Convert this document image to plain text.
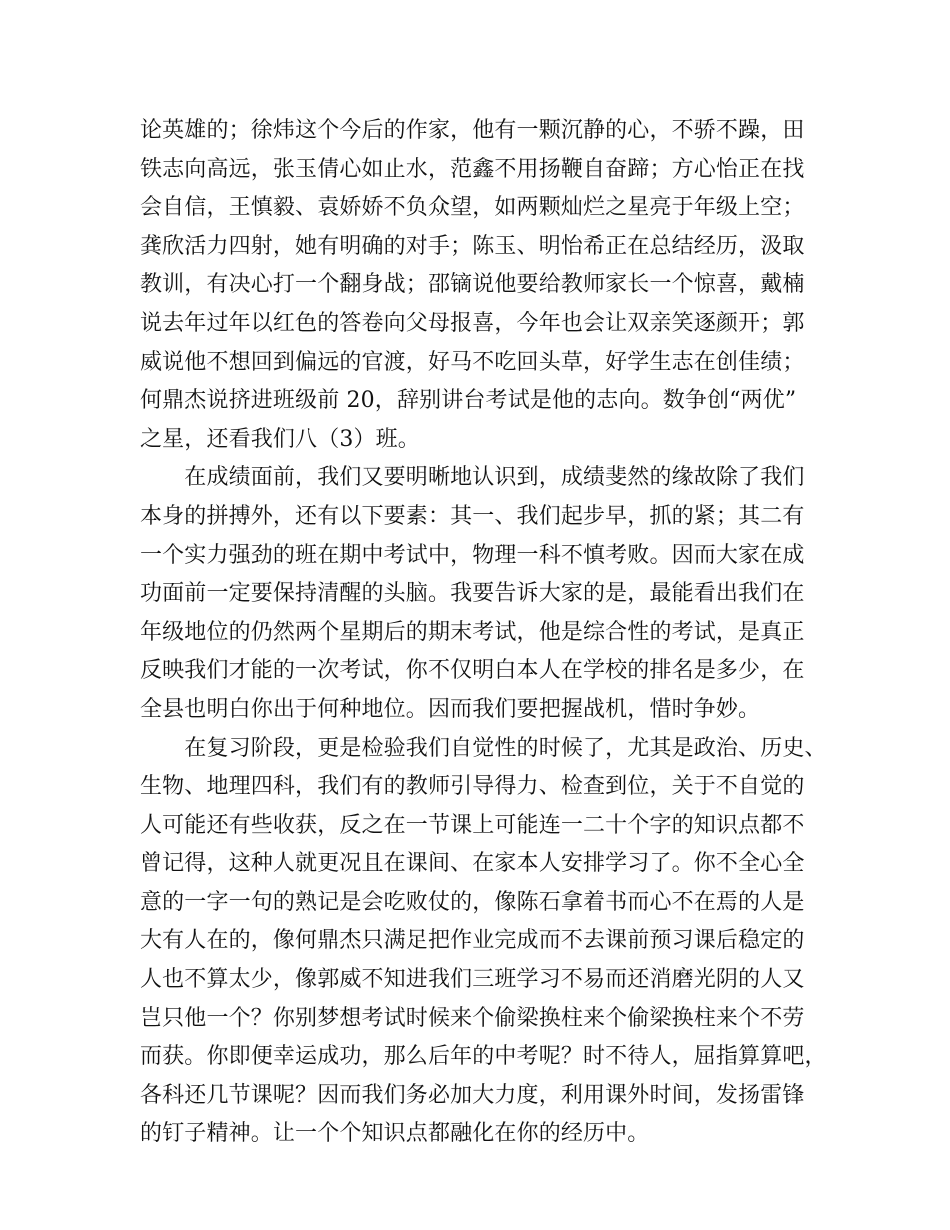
论英雄的；徐炜这个今后的作家，他有一颗沉静的心，不骄不躁，田
铁志向高远，张玉倩心如止水，范鑫不用扬鞭自奋蹄；方心怡正在找
会自信，王慎毅、袁娇娇不负众望，如两颗灿烂之星亮于年级上空；
龚欣活力四射，她有明确的对手；陈玉、明怡希正在总结经历，汲取
教训，有决心打一个翻身战；邵镝说他要给教师家长一个惊喜，戴楠
说去年过年以红色的答卷向父母报喜，今年也会让双亲笑逐颜开；郭
威说他不想回到偏远的官渡，好马不吃回头草，好学生志在创佳绩；
何鼎杰说挤进班级前 20，辞别讲台考试是他的志向。数争创“两优”
之星，还看我们八（3）班。
　　在成绩面前，我们又要明晰地认识到，成绩斐然的缘故除了我们
本身的拼搏外，还有以下要素：其一、我们起步早，抓的紧；其二有
一个实力强劲的班在期中考试中，物理一科不慎考败。因而大家在成
功面前一定要保持清醒的头脑。我要告诉大家的是，最能看出我们在
年级地位的仍然两个星期后的期末考试，他是综合性的考试，是真正
反映我们才能的一次考试，你不仅明白本人在学校的排名是多少，在
全县也明白你出于何种地位。因而我们要把握战机，惜时争妙。
　　在复习阶段，更是检验我们自觉性的时候了，尤其是政治、历史、
生物、地理四科，我们有的教师引导得力、检查到位，关于不自觉的
人可能还有些收获，反之在一节课上可能连一二十个字的知识点都不
曾记得，这种人就更况且在课间、在家本人安排学习了。你不全心全
意的一字一句的熟记是会吃败仗的，像陈石拿着书而心不在焉的人是
大有人在的，像何鼎杰只满足把作业完成而不去课前预习课后稳定的
人也不算太少，像郭威不知进我们三班学习不易而还消磨光阴的人又
岂只他一个？你别梦想考试时候来个偷梁换柱来个偷梁换柱来个不劳
而获。你即便幸运成功，那么后年的中考呢？时不待人，屈指算算吧，
各科还几节课呢？因而我们务必加大力度，利用课外时间，发扬雷锋
的钉子精神。让一个个知识点都融化在你的经历中。
